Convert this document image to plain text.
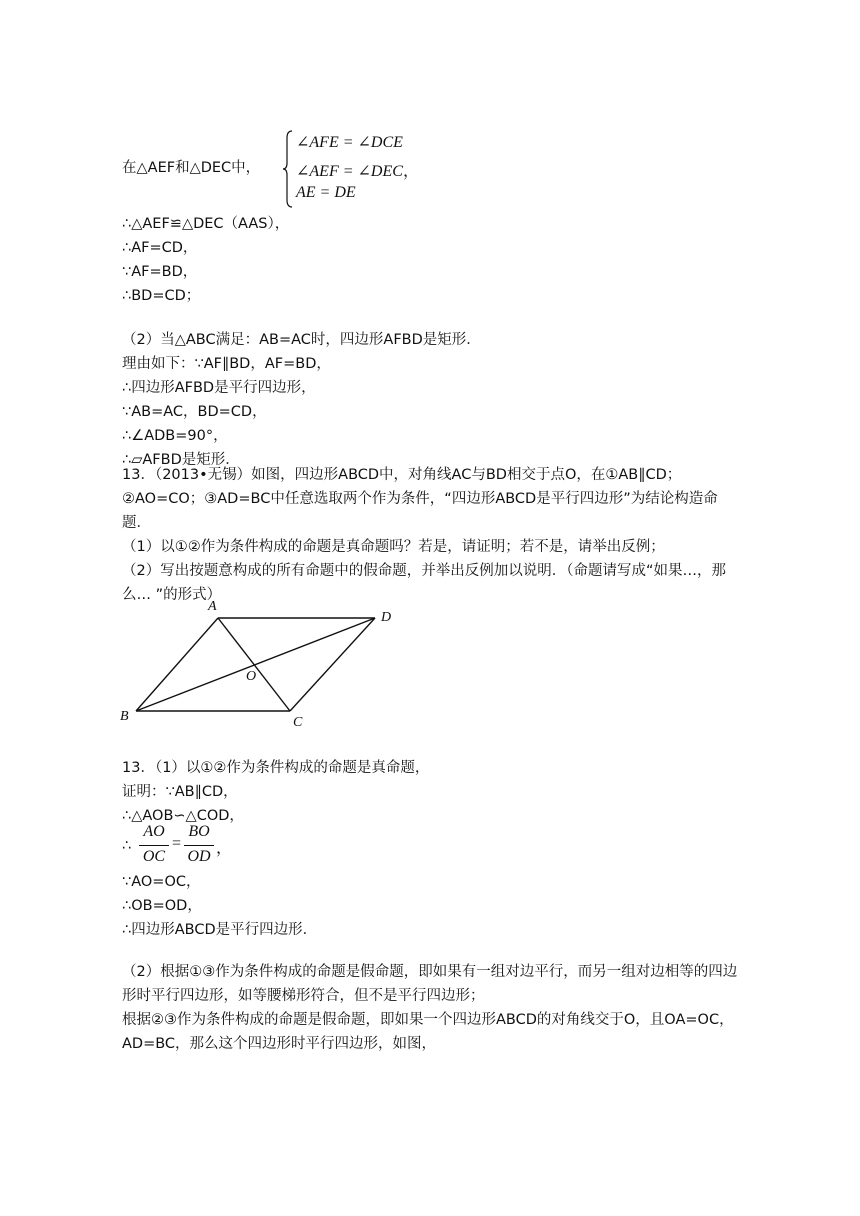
在△AEF和△DEC中，
∠AFE = ∠DCE
∠AEF = ∠DEC，
AE = DE
∴△AEF≌△DEC（AAS），
∴AF=CD，
∵AF=BD，
∴BD=CD；
（2）当△ABC满足：AB=AC时，四边形AFBD是矩形．
理由如下：∵AF∥BD，AF=BD，
∴四边形AFBD是平行四边形，
∵AB=AC，BD=CD，
∴∠ADB=90°，
∴▱AFBD是矩形．
13．（2013•无锡）如图，四边形ABCD中，对角线AC与BD相交于点O，在①AB∥CD；②AO=CO；③AD=BC中任意选取两个作为条件，“四边形ABCD是平行四边形”为结论构造命题．
（1）以①②作为条件构成的命题是真命题吗？若是，请证明；若不是，请举出反例；
（2）写出按题意构成的所有命题中的假命题，并举出反例加以说明．（命题请写成“如果…，那么… ”的形式）
A
B	C
D
O
13．（1）以①②作为条件构成的命题是真命题，
证明：∵AB∥CD，
∴△AOB∽△COD，
∴
AO
OC
=
BO
OD ，
∵AO=OC，
∴OB=OD，
∴四边形ABCD是平行四边形．
（2）根据①③作为条件构成的命题是假命题，即如果有一组对边平行，而另一组对边相等的四边形时平行四边形，如等腰梯形符合，但不是平行四边形；
根据②③作为条件构成的命题是假命题，即如果一个四边形ABCD的对角线交于O，且OA=OC，AD=BC，那么这个四边形时平行四边形，如图，
